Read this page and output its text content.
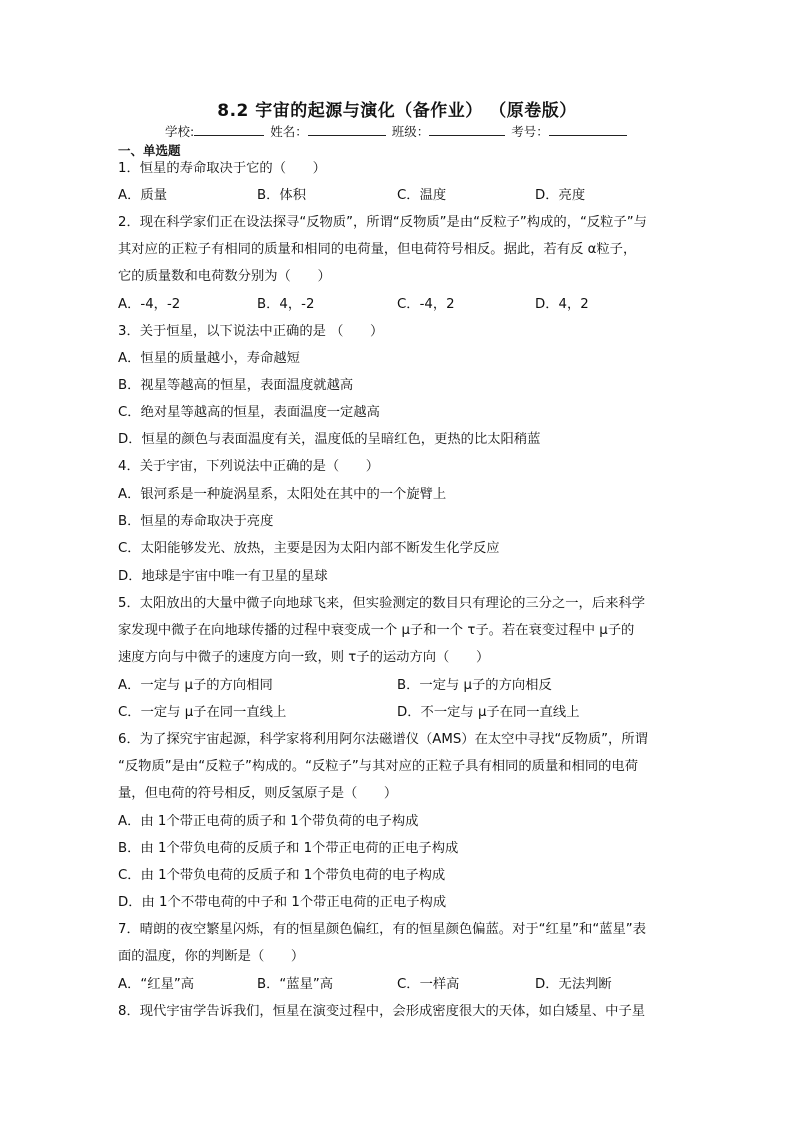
8.2 宇宙的起源与演化（备作业） （原卷版）
学校:	姓名：	班级：	考号：
一、单选题
1．恒星的寿命取决于它的（　　）
A．质量	B．体积	C．温度	D．亮度
2．现在科学家们正在设法探寻“反物质”，所谓“反物质”是由“反粒子”构成的，“反粒子”与
其对应的正粒子有相同的质量和相同的电荷量，但电荷符号相反。据此，若有反 α粒子，
它的质量数和电荷数分别为（　　）
A．-4，-2	B．4，-2	C．-4，2	D．4，2
3．关于恒星，以下说法中正确的是 （　　）
A．恒星的质量越小，寿命越短
B．视星等越高的恒星，表面温度就越高
C．绝对星等越高的恒星，表面温度一定越高
D．恒星的颜色与表面温度有关，温度低的呈暗红色，更热的比太阳稍蓝
4．关于宇宙，下列说法中正确的是（　　）
A．银河系是一种旋涡星系，太阳处在其中的一个旋臂上
B．恒星的寿命取决于亮度
C．太阳能够发光、放热，主要是因为太阳内部不断发生化学反应
D．地球是宇宙中唯一有卫星的星球
5．太阳放出的大量中微子向地球飞来，但实验测定的数目只有理论的三分之一，后来科学
家发现中微子在向地球传播的过程中衰变成一个 μ子和一个 τ子。若在衰变过程中 μ子的
速度方向与中微子的速度方向一致，则 τ子的运动方向（　　）
A．一定与 μ子的方向相同	B．一定与 μ子的方向相反
C．一定与 μ子在同一直线上	D．不一定与 μ子在同一直线上
6．为了探究宇宙起源，科学家将利用阿尔法磁谱仪（AMS）在太空中寻找“反物质”，所谓
“反物质”是由“反粒子”构成的。“反粒子”与其对应的正粒子具有相同的质量和相同的电荷
量，但电荷的符号相反，则反氢原子是（　　）
A．由 1个带正电荷的质子和 1个带负荷的电子构成
B．由 1个带负电荷的反质子和 1个带正电荷的正电子构成
C．由 1个带负电荷的反质子和 1个带负电荷的电子构成
D．由 1个不带电荷的中子和 1个带正电荷的正电子构成
7．晴朗的夜空繁星闪烁，有的恒星颜色偏红，有的恒星颜色偏蓝。对于“红星”和“蓝星”表
面的温度，你的判断是（　　）
A．“红星”高	B．“蓝星”高	C．一样高	D．无法判断
8．现代宇宙学告诉我们，恒星在演变过程中，会形成密度很大的天体，如白矮星、中子星
